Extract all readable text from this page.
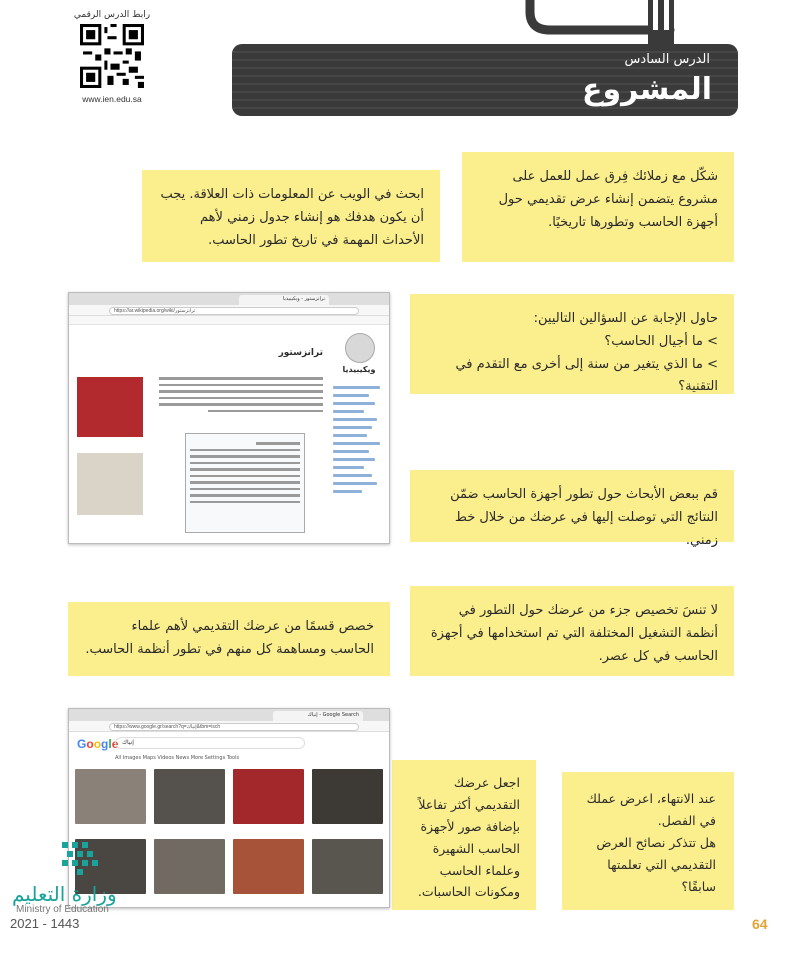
رابط الدرس الرقمي
www.ien.edu.sa
الدرس السادس
المشروع

شكّل مع زملائك فِرق عمل للعمل على مشروع يتضمن إنشاء عرض تقديمي حول أجهزة الحاسب وتطورها تاريخيًا.

ابحث في الويب عن المعلومات ذات العلاقة. يجب أن يكون هدفك هو إنشاء جدول زمني لأهم الأحداث المهمة في تاريخ تطور الحاسب.

حاول الإجابة عن السؤالين التاليين:

> ما أجيال الحاسب؟

> ما الذي يتغير من سنة إلى أخرى مع التقدم في التقنية؟

قم ببعض الأبحاث حول تطور أجهزة الحاسب ضمّن النتائج التي توصلت إليها في عرضك من خلال خط زمني.

لا تنسَ تخصيص جزء من عرضك حول التطور في أنظمة التشغيل المختلفة التي تم استخدامها في أجهزة الحاسب في كل عصر.

خصص قسمًا من عرضك التقديمي لأهم علماء الحاسب ومساهمة كل منهم في تطور أنظمة الحاسب.

اجعل عرضك التقديمي أكثر تفاعلاً بإضافة صور لأجهزة الحاسب الشهيرة وعلماء الحاسب ومكونات الحاسبات.

عند الانتهاء، اعرض عملك في الفصل.

هل تتذكر نصائح العرض التقديمي التي تعلمتها سابقًا؟

ترانزستور - ويكيبيديا
https://ar.wikipedia.org/wiki/ترانزستور
ويكيبيديا
ترانزستور
Google Search - إنياك
https://www.google.gr/search?q=إنياك&tbm=isch
Google إنياك
All Images Maps Videos News More Settings Tools
وزارة التعليم
Ministry of Education
2021 - 1443	64
